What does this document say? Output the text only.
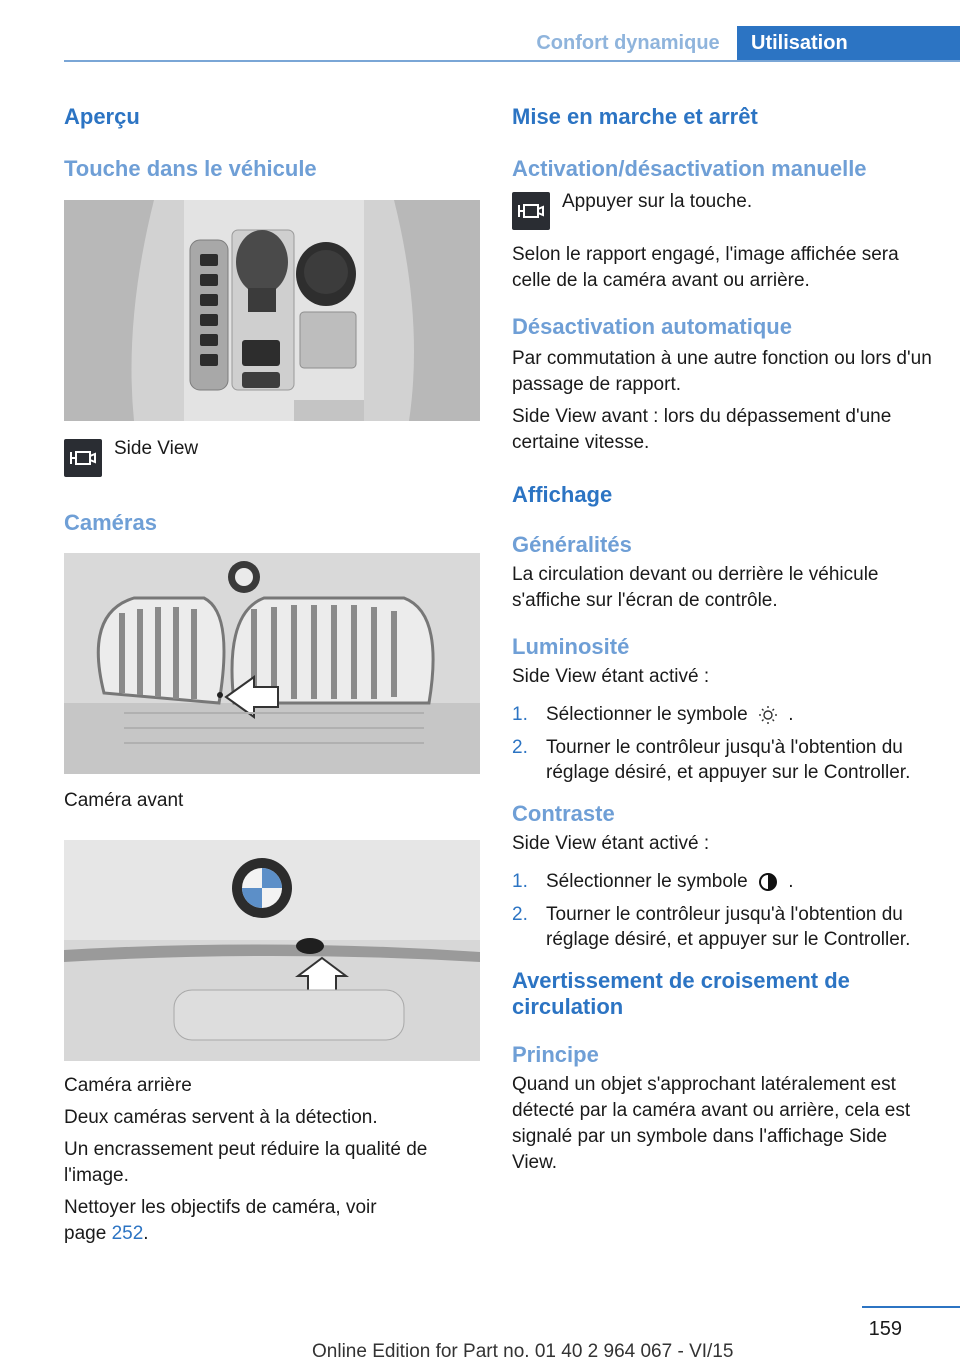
Confort dynamique	Utilisation
Aperçu
Touche dans le véhicule

Side View

Caméras

Caméra avant

Caméra arrière

Deux caméras servent à la détection.

Un encrassement peut réduire la qualité de l'image.

Nettoyer les objectifs de caméra, voir
page 252.

Mise en marche et arrêt
Activation/désactivation manuelle

Appuyer sur la touche.

Selon le rapport engagé, l'image affichée sera celle de la caméra avant ou arrière.

Désactivation automatique

Par commutation à une autre fonction ou lors d'un passage de rapport.

Side View avant : lors du dépassement d'une certaine vitesse.

Affichage
Généralités

La circulation devant ou derrière le véhicule s'affiche sur l'écran de contrôle.

Luminosité

Side View étant activé :

1. Sélectionner le symbole .
2. Tourner le contrôleur jusqu'à l'obtention du réglage désiré, et appuyer sur le Controller.
Contraste

Side View étant activé :

1. Sélectionner le symbole .
2. Tourner le contrôleur jusqu'à l'obtention du réglage désiré, et appuyer sur le Controller.
Avertissement de croisement de circulation
Principe

Quand un objet s'approchant latéralement est détecté par la caméra avant ou arrière, cela est signalé par un symbole dans l'affichage Side View.

159
Online Edition for Part no. 01 40 2 964 067 - VI/15
